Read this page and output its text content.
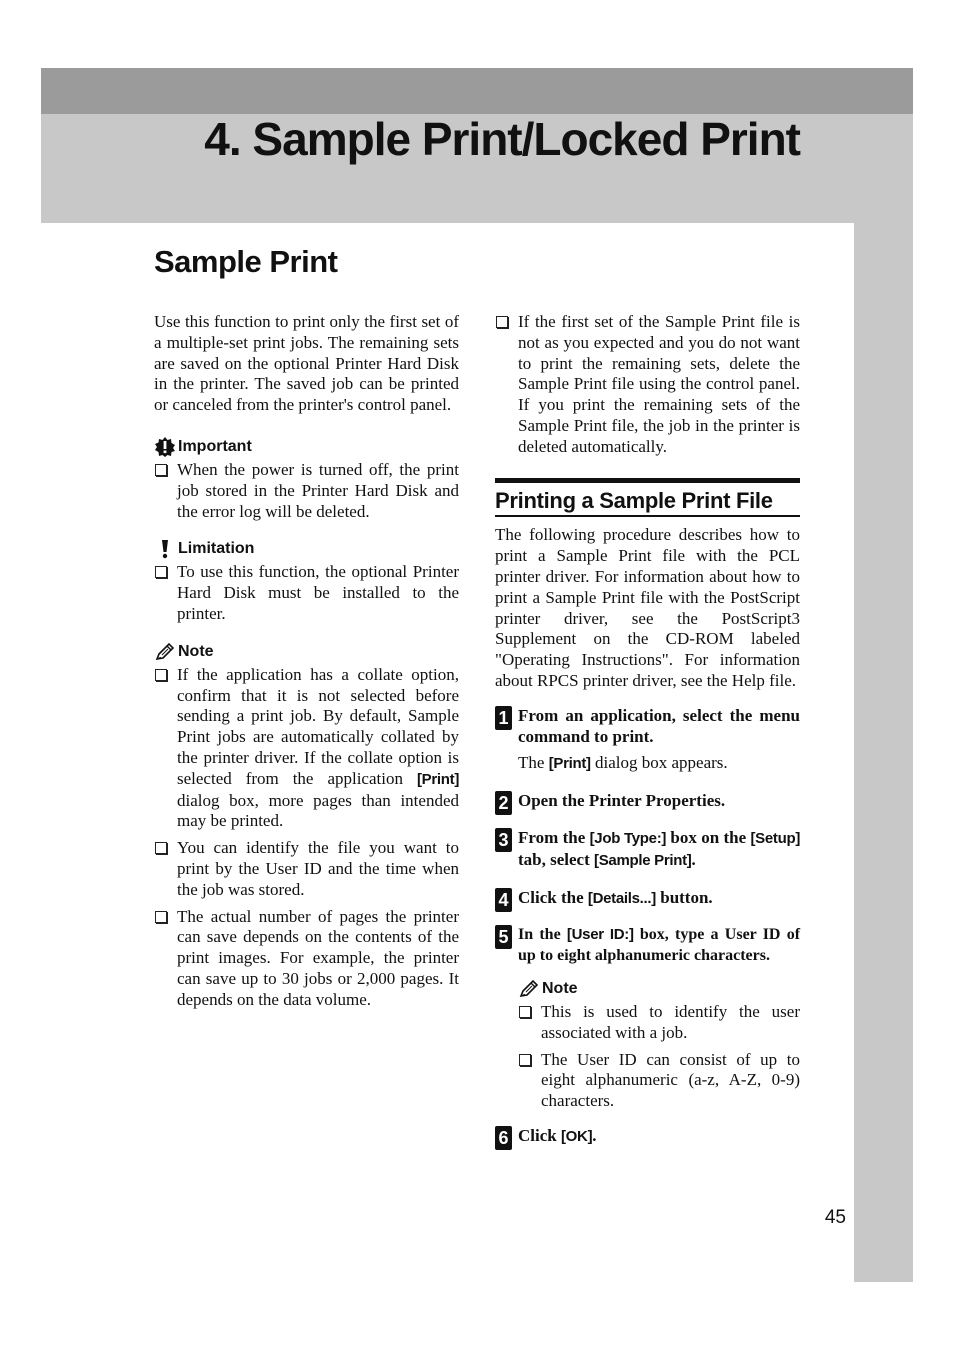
4. Sample Print/Locked Print
Sample Print

Use this function to print only the first set of a multiple-set print jobs. The remaining sets are saved on the optional Printer Hard Disk in the printer. The saved job can be printed or canceled from the printer's control panel.

Important
When the power is turned off, the print job stored in the Printer Hard Disk and the error log will be deleted.
Limitation
To use this function, the optional Printer Hard Disk must be installed to the printer.
Note
If the application has a collate option, confirm that it is not selected before sending a print job. By default, Sample Print jobs are automatically collated by the printer driver. If the collate option is selected from the application [Print] dialog box, more pages than intended may be printed.
You can identify the file you want to print by the User ID and the time when the job was stored.
The actual number of pages the printer can save depends on the contents of the print images. For example, the printer can save up to 30 jobs or 2,000 pages. It depends on the data volume.
If the first set of the Sample Print file is not as you expected and you do not want to print the remaining sets, delete the Sample Print file using the control panel. If you print the remaining sets of the Sample Print file, the job in the printer is deleted automatically.
Printing a Sample Print File

The following procedure describes how to print a Sample Print file with the PCL printer driver. For information about how to print a Sample Print file with the PostScript printer driver, see the PostScript3 Supplement on the CD-ROM labeled "Operating Instructions". For information about RPCS printer driver, see the Help file.

1 From an application, select the menu command to print.
The [Print] dialog box appears.
2 Open the Printer Properties.
3 From the [Job Type:] box on the [Setup] tab, select [Sample Print].
4 Click the [Details...] button.
5 In the [User ID:] box, type a User ID of up to eight alphanumeric characters.
Note
This is used to identify the user associated with a job.
The User ID can consist of up to eight alphanumeric (a-z, A-Z, 0-9) characters.
6 Click [OK].
45
